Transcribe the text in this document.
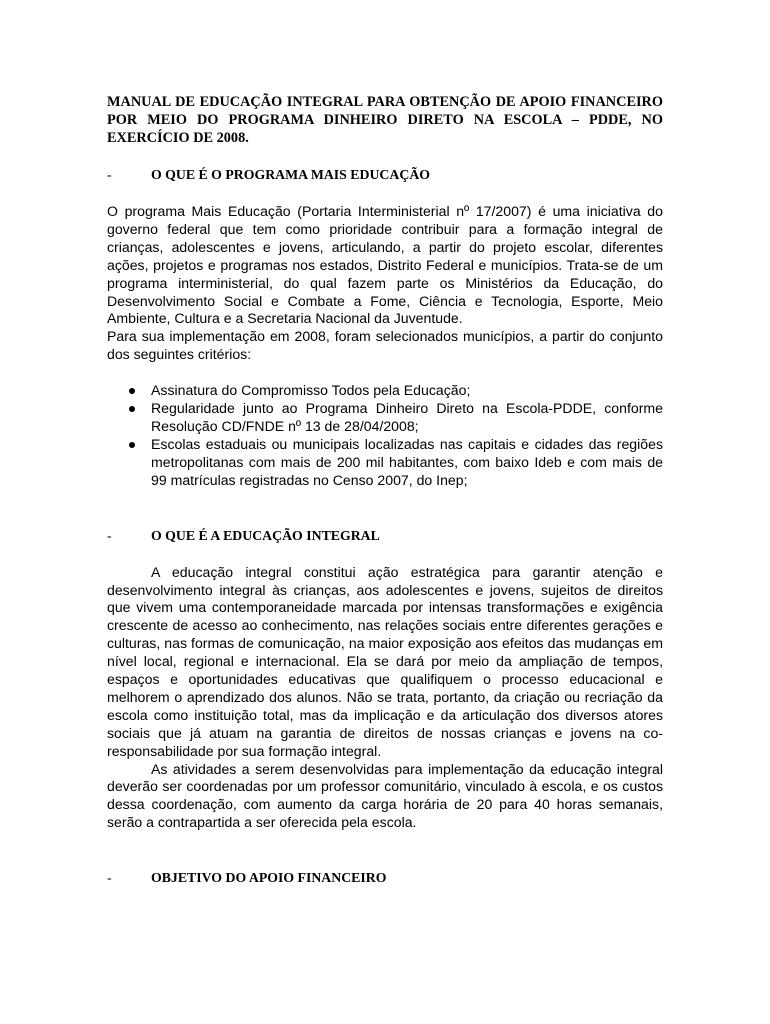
MANUAL DE EDUCAÇÃO INTEGRAL PARA OBTENÇÃO DE APOIO FINANCEIRO POR MEIO DO PROGRAMA DINHEIRO DIRETO NA ESCOLA – PDDE, NO EXERCÍCIO DE 2008.

-	O QUE É O PROGRAMA MAIS EDUCAÇÃO

O programa Mais Educação (Portaria Interministerial nº 17/2007) é uma iniciativa do governo federal que tem como prioridade contribuir para a formação integral de crianças, adolescentes e jovens, articulando, a partir do projeto escolar, diferentes ações, projetos e programas nos estados, Distrito Federal e municípios. Trata-se de um programa interministerial, do qual fazem parte os Ministérios da Educação, do Desenvolvimento Social e Combate a Fome, Ciência e Tecnologia, Esporte, Meio Ambiente, Cultura e a Secretaria Nacional da Juventude.

Para sua implementação em 2008, foram selecionados municípios, a partir do conjunto dos seguintes critérios:

Assinatura do Compromisso Todos pela Educação;
Regularidade junto ao Programa Dinheiro Direto na Escola-PDDE, conforme Resolução CD/FNDE nº 13 de 28/04/2008;
Escolas estaduais ou municipais localizadas nas capitais e cidades das regiões metropolitanas com mais de 200 mil habitantes, com baixo Ideb e com mais de 99 matrículas registradas no Censo 2007, do Inep;
-	O QUE É A EDUCAÇÃO INTEGRAL

A educação integral constitui ação estratégica para garantir atenção e desenvolvimento integral às crianças, aos adolescentes e jovens, sujeitos de direitos que vivem uma contemporaneidade marcada por intensas transformações e exigência crescente de acesso ao conhecimento, nas relações sociais entre diferentes gerações e culturas, nas formas de comunicação, na maior exposição aos efeitos das mudanças em nível local, regional e internacional. Ela se dará por meio da ampliação de tempos, espaços e oportunidades educativas que qualifiquem o processo educacional e melhorem o aprendizado dos alunos. Não se trata, portanto, da criação ou recriação da escola como instituição total, mas da implicação e da articulação dos diversos atores sociais que já atuam na garantia de direitos de nossas crianças e jovens na co-responsabilidade por sua formação integral.

As atividades a serem desenvolvidas para implementação da educação integral deverão ser coordenadas por um professor comunitário, vinculado à escola, e os custos dessa coordenação, com aumento da carga horária de 20 para 40 horas semanais, serão a contrapartida a ser oferecida pela escola.

-	OBJETIVO DO APOIO FINANCEIRO
